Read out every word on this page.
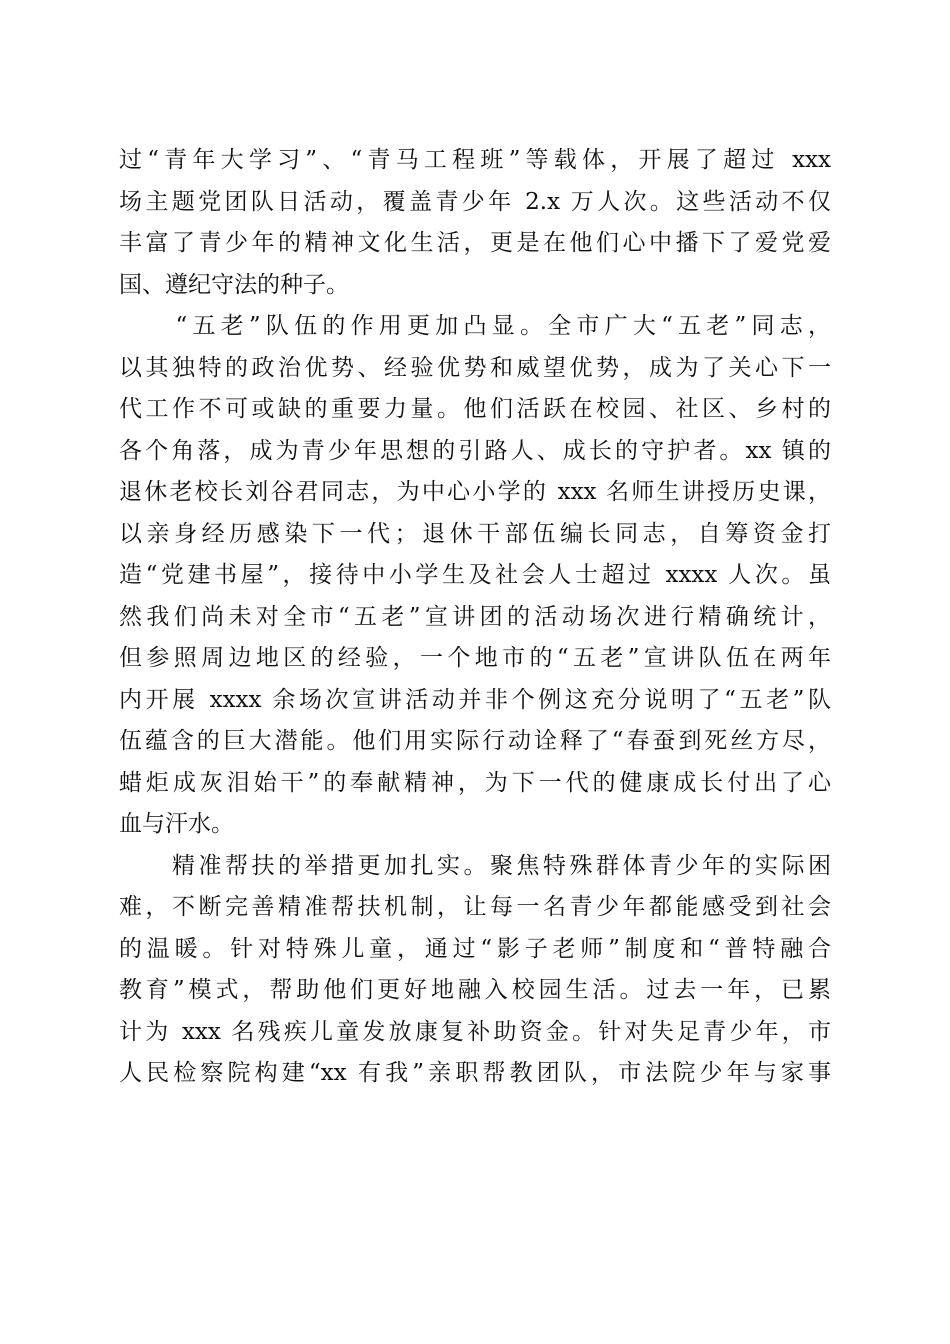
过“青年大学习”、“青马工程班”等载体，开展了超过 xxx
场主题党团队日活动，覆盖青少年 2.x 万人次。这些活动不仅
丰富了青少年的精神文化生活，更是在他们心中播下了爱党爱
国、遵纪守法的种子。
　　“五老”队伍的作用更加凸显。全市广大“五老”同志，
以其独特的政治优势、经验优势和威望优势，成为了关心下一
代工作不可或缺的重要力量。他们活跃在校园、社区、乡村的
各个角落，成为青少年思想的引路人、成长的守护者。xx 镇的
退休老校长刘谷君同志，为中心小学的 xxx 名师生讲授历史课，
以亲身经历感染下一代；退休干部伍编长同志，自筹资金打
造“党建书屋”，接待中小学生及社会人士超过 xxxx 人次。虽
然我们尚未对全市“五老”宣讲团的活动场次进行精确统计，
但参照周边地区的经验，一个地市的“五老”宣讲队伍在两年
内开展 xxxx 余场次宣讲活动并非个例这充分说明了“五老”队
伍蕴含的巨大潜能。他们用实际行动诠释了“春蚕到死丝方尽，
蜡炬成灰泪始干”的奉献精神，为下一代的健康成长付出了心
血与汗水。
　　精准帮扶的举措更加扎实。聚焦特殊群体青少年的实际困
难，不断完善精准帮扶机制，让每一名青少年都能感受到社会
的温暖。针对特殊儿童，通过“影子老师”制度和“普特融合
教育”模式，帮助他们更好地融入校园生活。过去一年，已累
计为 xxx 名残疾儿童发放康复补助资金。针对失足青少年，市
人民检察院构建“xx 有我”亲职帮教团队，市法院少年与家事
